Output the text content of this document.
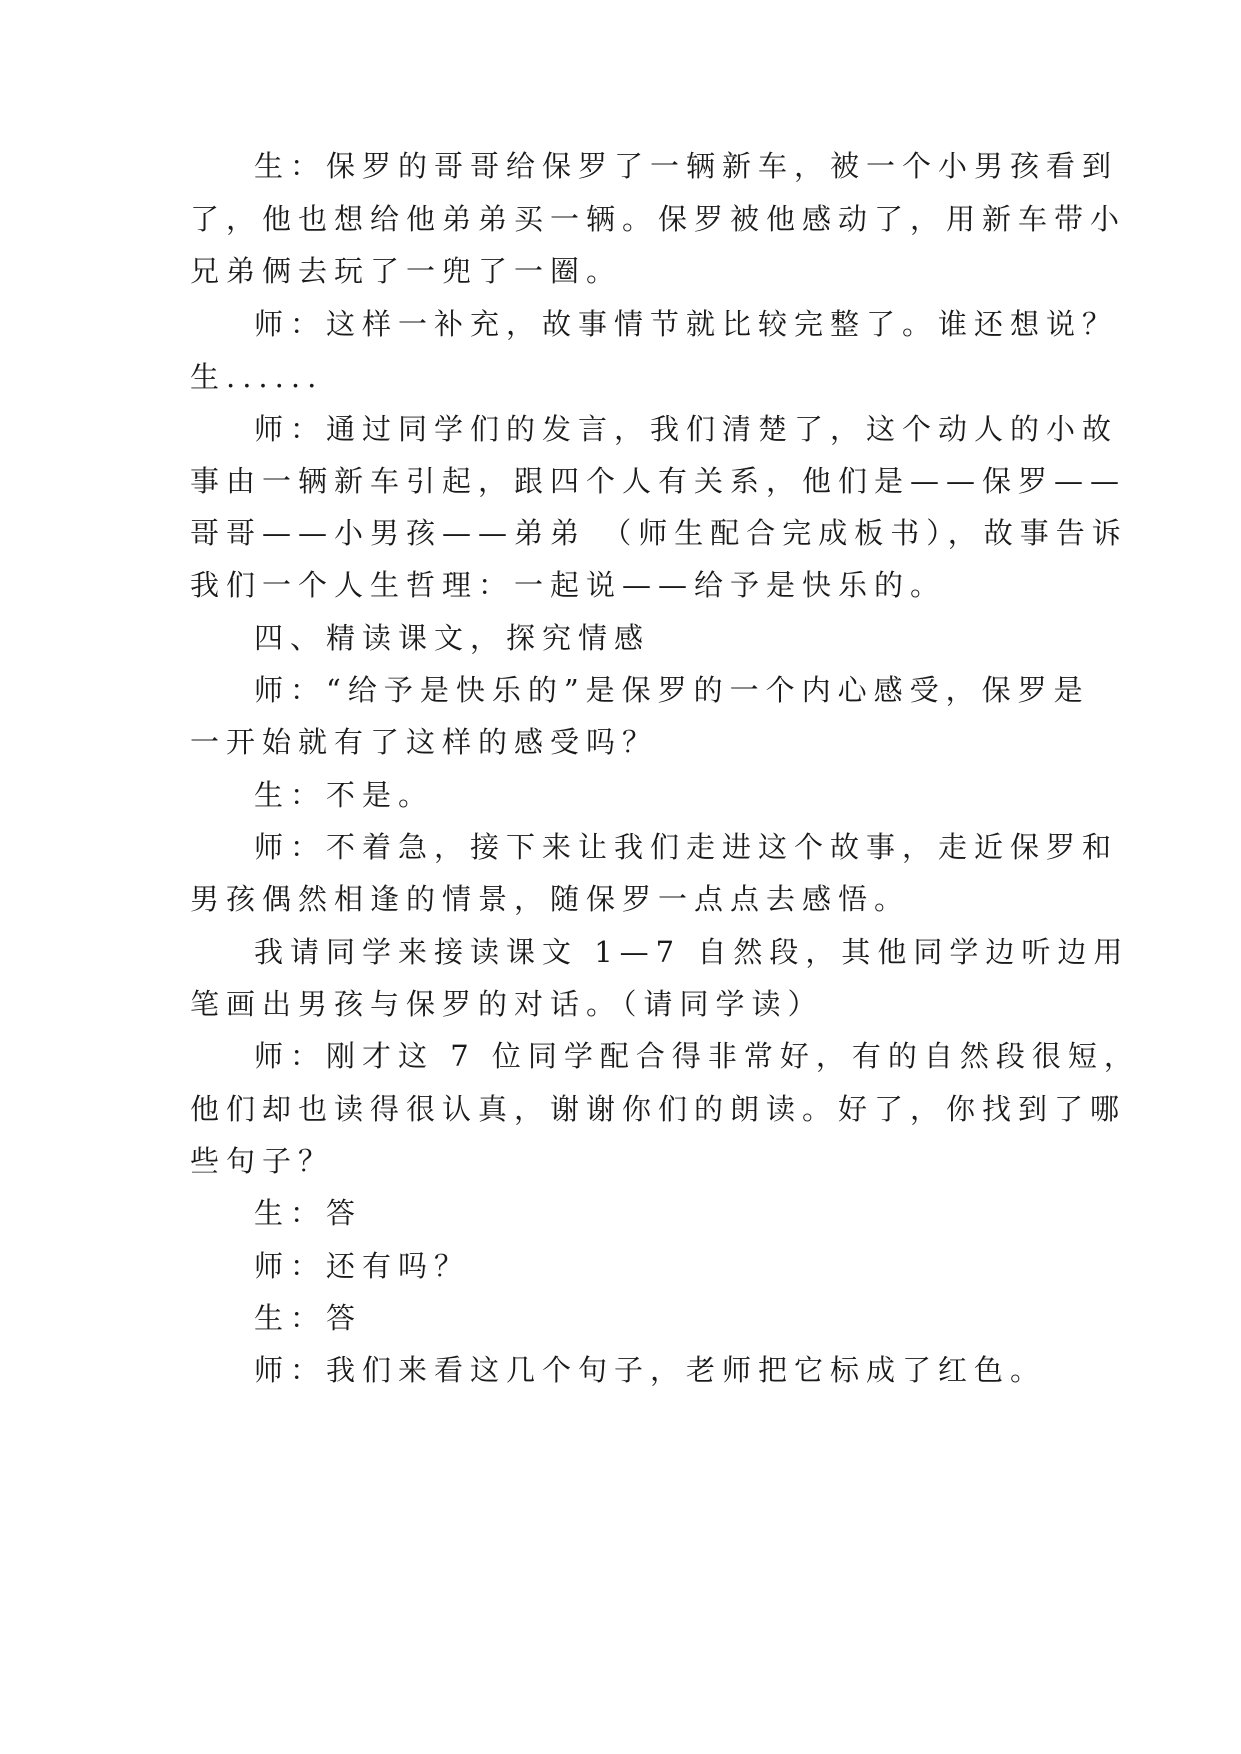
生：保罗的哥哥给保罗了一辆新车，被一个小男孩看到
了，他也想给他弟弟买一辆。保罗被他感动了，用新车带小
兄弟俩去玩了一兜了一圈。
师：这样一补充，故事情节就比较完整了。谁还想说？
生......
师：通过同学们的发言，我们清楚了，这个动人的小故
事由一辆新车引起，跟四个人有关系，他们是——保罗——
哥哥——小男孩——弟弟 （师生配合完成板书），故事告诉
我们一个人生哲理：一起说——给予是快乐的。
四、精读课文，探究情感
师：“给予是快乐的”是保罗的一个内心感受，保罗是
一开始就有了这样的感受吗？
生：不是。
师：不着急，接下来让我们走进这个故事，走近保罗和
男孩偶然相逢的情景，随保罗一点点去感悟。
我请同学来接读课文 1—7 自然段，其他同学边听边用
笔画出男孩与保罗的对话。（请同学读）
师：刚才这 7 位同学配合得非常好，有的自然段很短，
他们却也读得很认真，谢谢你们的朗读。好了，你找到了哪
些句子？
生：答
师：还有吗？
生：答
师：我们来看这几个句子，老师把它标成了红色。
